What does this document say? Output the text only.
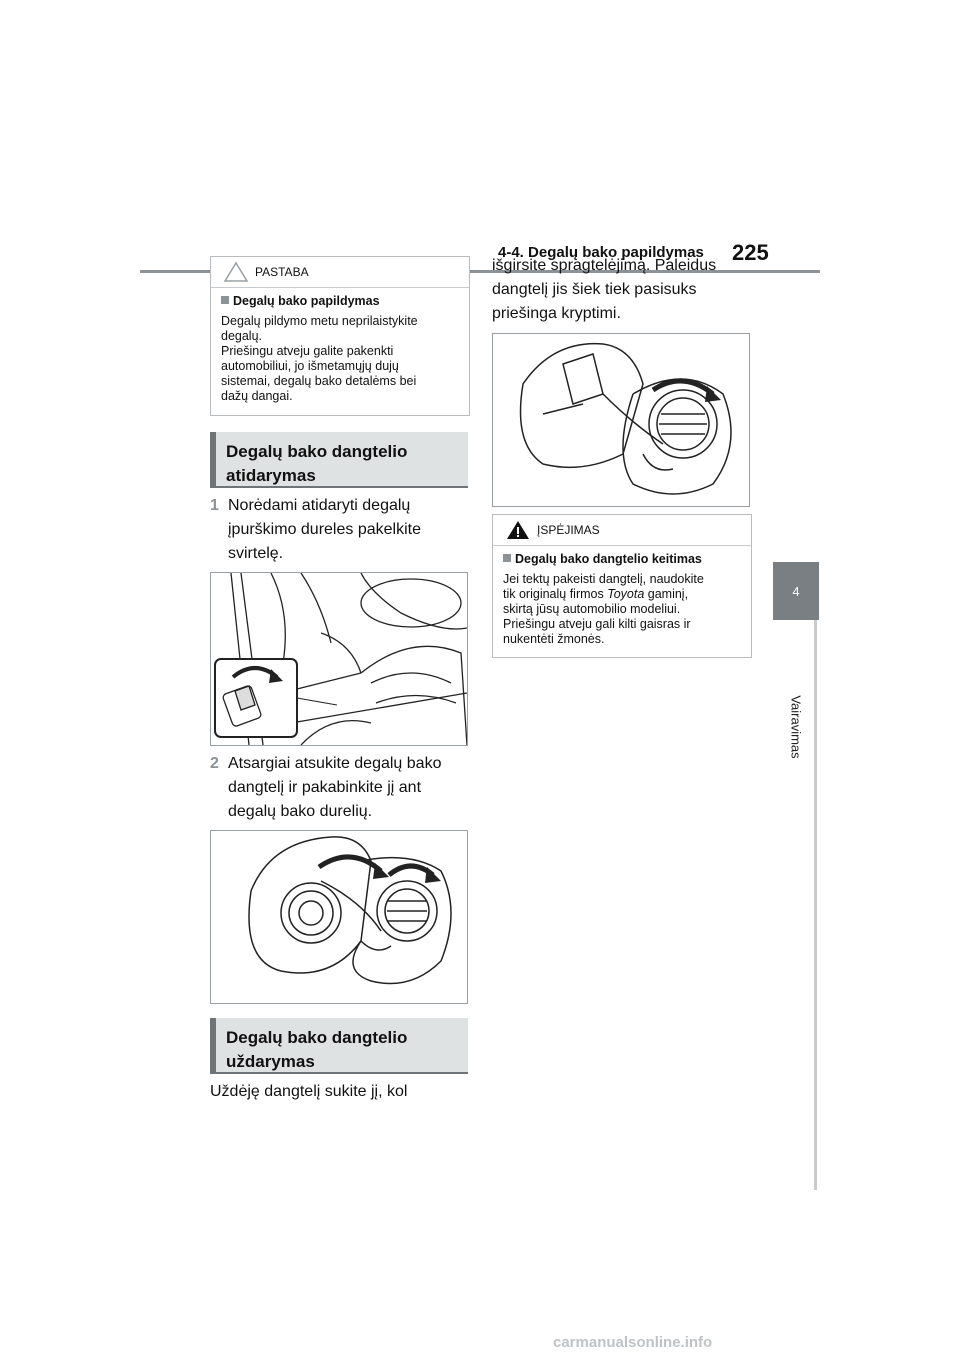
4-4. Degalų bako papildymas 225
4
Vairavimas
PASTABA
Degalų bako papildymas
Degalų pildymo metu neprilaistykite
degalų.
Priešingu atveju galite pakenkti
automobiliui, jo išmetamųjų dujų
sistemai, degalų bako detalėms bei
dažų dangai.
Degalų bako dangtelio
atidarymas
1 Norėdami atidaryti degalų
įpurškimo dureles pakelkite
svirtelę.
2 Atsargiai atsukite degalų bako
dangtelį ir pakabinkite jį ant
degalų bako durelių.
Degalų bako dangtelio
uždarymas
Uždėję dangtelį sukite jį, kol
išgirsite spragtelėjimą. Paleidus
dangtelį jis šiek tiek pasisuks
priešinga kryptimi.
ĮSPĖJIMAS
Degalų bako dangtelio keitimas
Jei tektų pakeisti dangtelį, naudokite
tik originalų firmos Toyota gaminį,
skirtą jūsų automobilio modeliui.
Priešingu atveju gali kilti gaisras ir
nukentėti žmonės.
carmanualsonline.info
